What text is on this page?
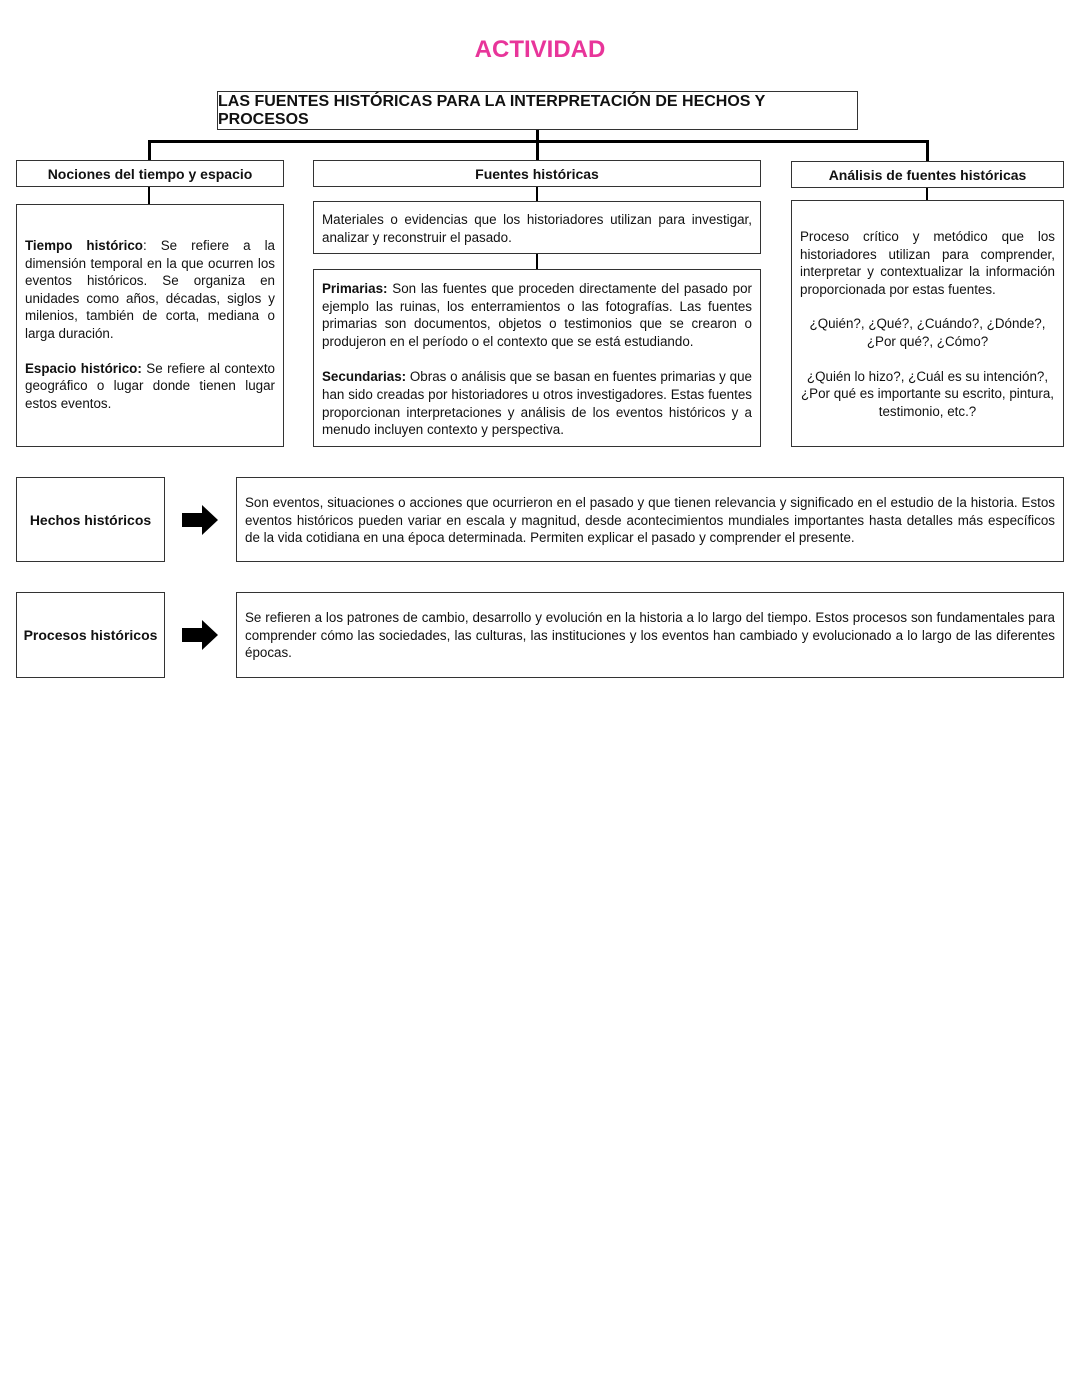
ACTIVIDAD
LAS FUENTES HISTÓRICAS PARA LA INTERPRETACIÓN DE HECHOS Y PROCESOS
Nociones del tiempo y espacio

Tiempo histórico: Se refiere a la dimensión temporal en la que ocurren los eventos históricos. Se organiza en unidades como años, décadas, siglos y milenios, también de corta, mediana o larga duración.

Espacio histórico: Se refiere al contexto geográfico o lugar donde tienen lugar estos eventos.

Fuentes históricas

Materiales o evidencias que los historiadores utilizan para investigar, analizar y reconstruir el pasado.

Primarias: Son las fuentes que proceden directamente del pasado por ejemplo las ruinas, los enterramientos o las fotografías. Las fuentes primarias son documentos, objetos o testimonios que se crearon o produjeron en el período o el contexto que se está estudiando.

Secundarias: Obras o análisis que se basan en fuentes primarias y que han sido creadas por historiadores u otros investigadores. Estas fuentes proporcionan interpretaciones y análisis de los eventos históricos y a menudo incluyen contexto y perspectiva.

Análisis de fuentes históricas

Proceso crítico y metódico que los historiadores utilizan para comprender, interpretar y contextualizar la información proporcionada por estas fuentes.

¿Quién?, ¿Qué?, ¿Cuándo?, ¿Dónde?, ¿Por qué?, ¿Cómo?

¿Quién lo hizo?, ¿Cuál es su intención?, ¿Por qué es importante su escrito, pintura, testimonio, etc.?

Hechos históricos

Son eventos, situaciones o acciones que ocurrieron en el pasado y que tienen relevancia y significado en el estudio de la historia. Estos eventos históricos pueden variar en escala y magnitud, desde acontecimientos mundiales importantes hasta detalles más específicos de la vida cotidiana en una época determinada. Permiten explicar el pasado y comprender el presente.

Procesos históricos

Se refieren a los patrones de cambio, desarrollo y evolución en la historia a lo largo del tiempo. Estos procesos son fundamentales para comprender cómo las sociedades, las culturas, las instituciones y los eventos han cambiado y evolucionado a lo largo de las diferentes épocas.
